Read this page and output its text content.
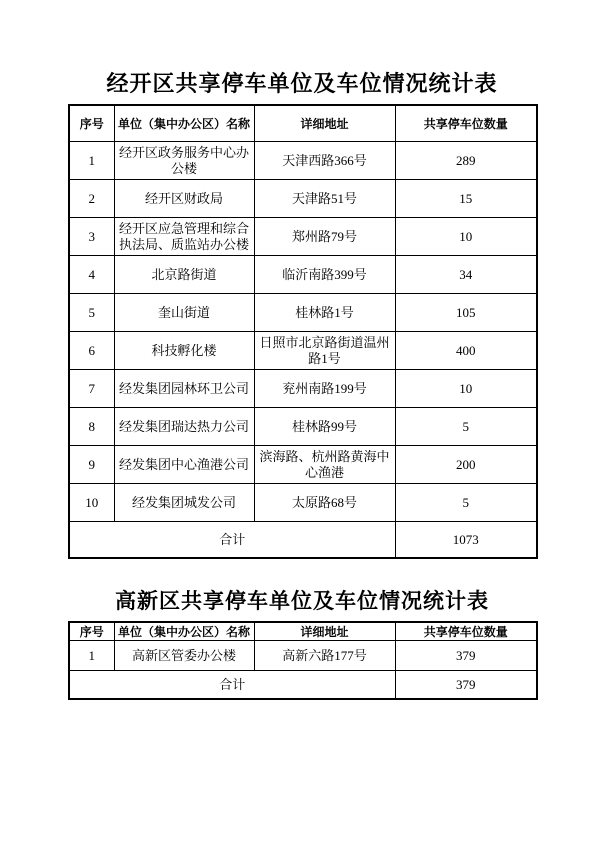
经开区共享停车单位及车位情况统计表
序号	单位（集中办公区）名称	详细地址	共享停车位数量
1	经开区政务服务中心办公楼	天津西路366号	289
2	经开区财政局	天津路51号	15
3	经开区应急管理和综合执法局、质监站办公楼	郑州路79号	10
4	北京路街道	临沂南路399号	34
5	奎山街道	桂林路1号	105
6	科技孵化楼	日照市北京路街道温州路1号	400
7	经发集团园林环卫公司	兖州南路199号	10
8	经发集团瑞达热力公司	桂林路99号	5
9	经发集团中心渔港公司	滨海路、杭州路黄海中心渔港	200
10	经发集团城发公司	太原路68号	5
合计			1073
高新区共享停车单位及车位情况统计表
序号	单位（集中办公区）名称	详细地址	共享停车位数量
1	高新区管委办公楼	高新六路177号	379
合计			379
